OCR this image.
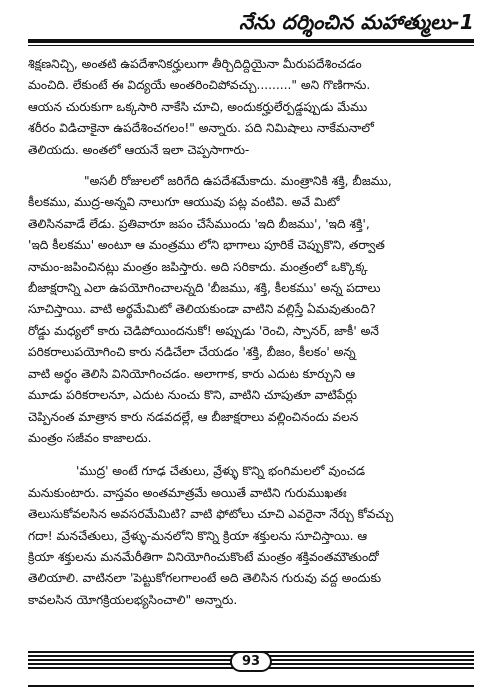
నేను దర్శించిన మహాత్ములు-1
శిక్షణనిచ్చి, అంతటి ఉపదేశానికర్హులుగా తీర్చిదిద్దియైనా మీరుపదేశించడం
మంచిది. లేకుంటే ఈ విద్యయే అంతరించిపోవచ్చు........." అని గొణిగాను.
ఆయన చురుకుగా ఒక్కసారి నాకేసి చూచి, అందుకర్హులేర్పడ్డప్పుడు మేము
శరీరం విడిచాకైనా ఉపదేశించగలం!" అన్నారు. పది నిమిషాలు నాకేమనాలో
తెలియదు. అంతలో ఆయనే ఇలా చెప్పసాగారు-
"అసలీ రోజులలో జరిగేది ఉపదేశమేకాదు. మంత్రానికి శక్తి, బీజము,
కీలకము, ముద్ర-అన్నవి నాలుగూ ఆయువు పట్ల వంటివి. అవే మిటో
తెలిసినవాడే లేడు. ప్రతివారూ జపం చేసేముందు 'ఇది బీజము', 'ఇది శక్తి',
'ఇది కీలకము' అంటూ ఆ మంత్రము లోని భాగాలు పూరికే చెప్పుకొని, తర్వాత
నామం-జపించినట్లు మంత్రం జపిస్తారు. అది సరికాదు. మంత్రంలో ఒక్కొక్క
బీజాక్షరాన్ని ఎలా ఉపయోగించాలన్నది 'బీజము, శక్తి, కీలకము' అన్న పదాలు
సూచిస్తాయి. వాటి అర్థమేమిటో తెలియకుండా వాటిని వల్లిస్తే ఏమవుతుంది?
రోడ్డు మధ్యలో కారు చెడిపోయిందనుకో! అప్పుడు 'రెంచి, స్పానర్, జాకీ' అనే
పరికరాలుపయోగించి కారు నడిచేలా చేయడం 'శక్తి, బీజం, కీలకం' అన్న
వాటి అర్థం తెలిసి వినియోగించడం. అలాగాక, కారు ఎదుట కూర్చుని ఆ
మూడు పరికరాలనూ, ఎదుట నుంచు కొని, వాటిని చూపుతూ వాటిపేర్లు
చెప్పినంత మాత్రాన కారు నడవదల్లే, ఆ బీజాక్షరాలు వల్లించినందు వలన
మంత్రం సజీవం కాజాలదు.
'ముద్ర' అంటే గూఢ చేతులు, వ్రేళ్ళు కొన్ని భంగిమలలో వుంచడ
మనుకుంటారు. వాస్తవం అంతమాత్రమే అయితే వాటిని గురుముఖతః
తెలుసుకోవలసిన అవసరమేమిటి? వాటి ఫోటోలు చూచి ఎవరైనా నేర్చు కోవచ్చు
గదా! మనచేతులు, వ్రేళ్ళు-మనలోని కొన్ని క్రియా శక్తులను సూచిస్తాయి. ఆ
క్రియా శక్తులను మనమేరీతిగా వినియోగించుకొంటే మంత్రం శక్తివంతమౌతుందో
తెలియాలి. వాటినలా 'పెట్టుకోగలగాలంటే అది తెలిసిన గురువు వద్ద అందుకు
కావలసిన యోగక్రియలభ్యసించాలి" అన్నారు.
93
